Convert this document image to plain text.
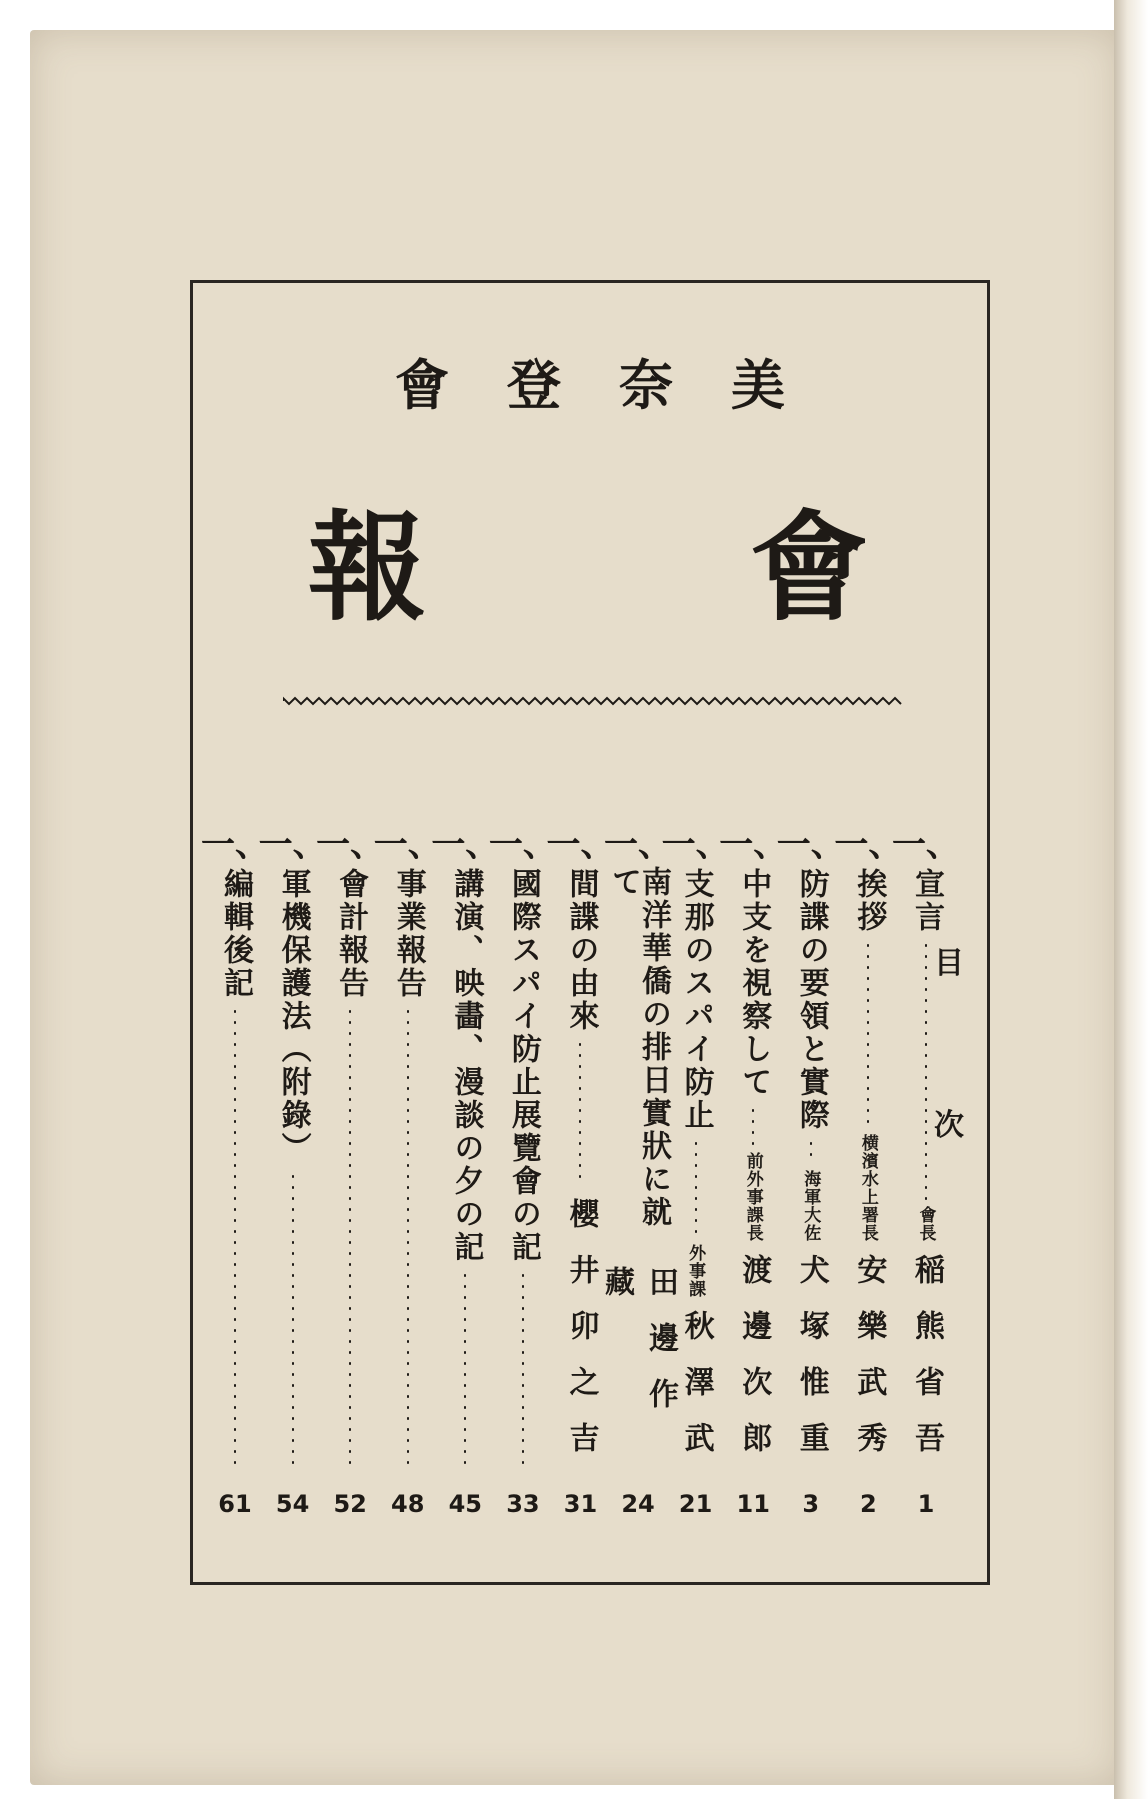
會 登 奈 美
報	會
一、
宣言
會長
稲熊省吾
1
一、
挨拶
横濱水上署長
安樂武秀
2
一、
防諜の要領と實際
海軍大佐
犬塚惟重
3
一、
中支を視察して
前外事課長
渡邊次郎
11
一、
支那のスパイ防止
外事課
秋澤武
21
一、
南洋華僑の排日實狀に就て
田邊作藏
24
一、
間諜の由來
櫻井卯之吉
31
一、
國際スパイ防止展覽會の記
33
一、
講演、映畵、漫談の夕の記
45
一、
事業報告
48
一、
會計報告
52
一、
軍機保護法（附錄）
54
一、
編輯後記
61
目
次
